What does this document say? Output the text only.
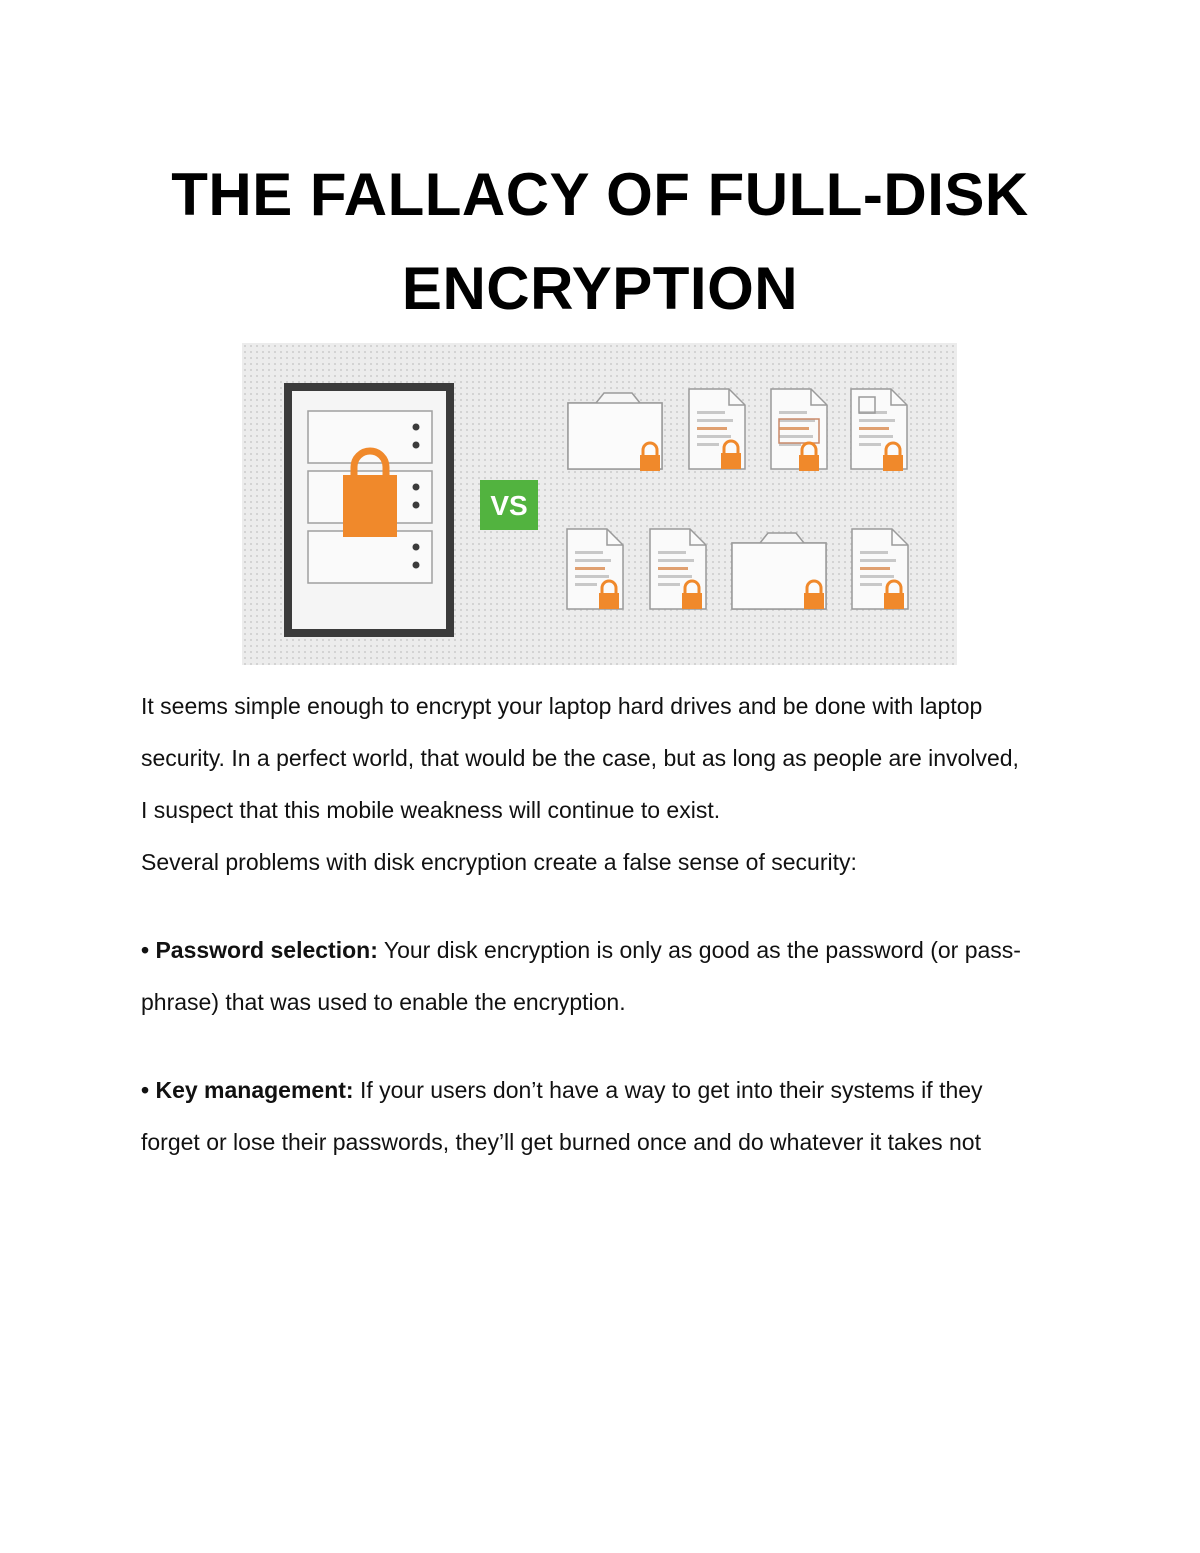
THE FALLACY OF FULL-DISK
ENCRYPTION
VS

It seems simple enough to encrypt your laptop hard drives and be done with laptop

security. In a perfect world, that would be the case, but as long as people are involved,

I suspect that this mobile weakness will continue to exist.

Several problems with disk encryption create a false sense of security:

• Password selection: Your disk encryption is only as good as the password (or pass-

phrase) that was used to enable the encryption.

• Key management: If your users don’t have a way to get into their systems if they

forget or lose their passwords, they’ll get burned once and do whatever it takes not
